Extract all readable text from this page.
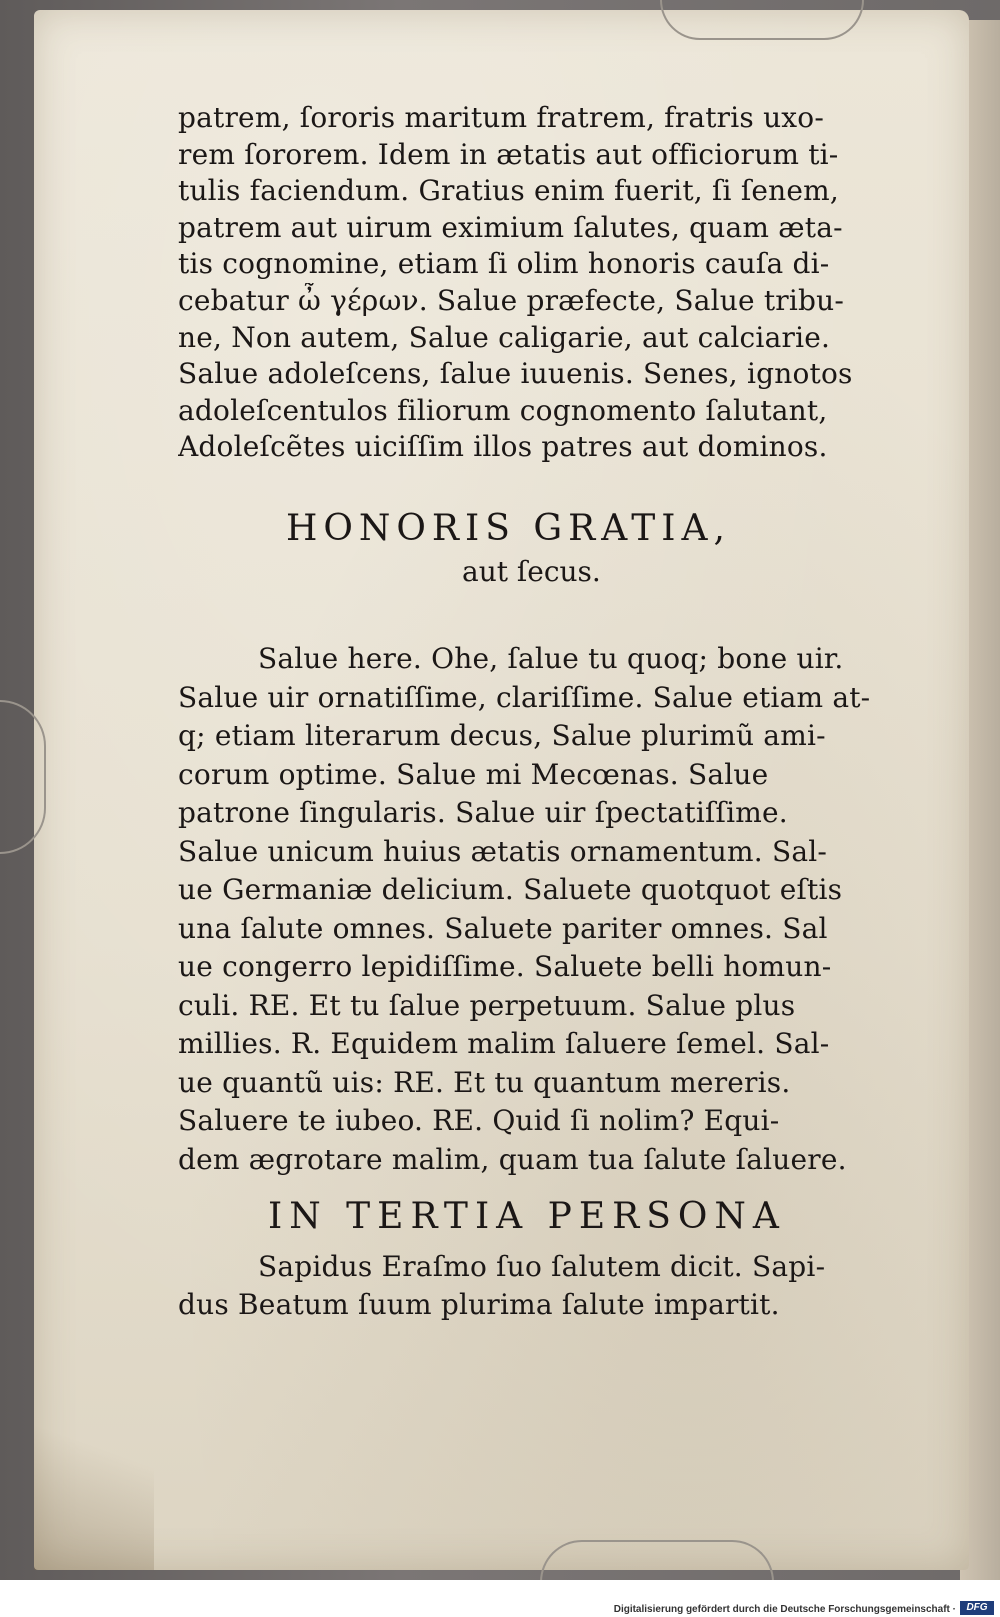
patrem, ſororis maritum fratrem, fratris uxo-
rem ſororem. Idem in ætatis aut officiorum ti-
tulis faciendum. Gratius enim fuerit, ſi ſenem,
patrem aut uirum eximium ſalutes, quam æta-
tis cognomine, etiam ſi olim honoris cauſa di-
cebatur ὦ γέρων. Salue præfecte, Salue tribu-
ne, Non autem, Salue caligarie, aut calciarie.
Salue adoleſcens, ſalue iuuenis. Senes, ignotos
adoleſcentulos filiorum cognomento ſalutant,
Adoleſcẽtes uiciſſim illos patres aut dominos.
HONORIS GRATIA,
aut ſecus.
Salue here. Ohe, ſalue tu quoq; bone uir.
Salue uir ornatiſſime, clariſſime. Salue etiam at-
q; etiam literarum decus, Salue plurimũ ami-
corum optime. Salue mi Mecœnas. Salue
patrone ſingularis. Salue uir ſpectatiſſime.
Salue unicum huius ætatis ornamentum. Sal-
ue Germaniæ delicium. Saluete quotquot eſtis
una ſalute omnes. Saluete pariter omnes. Sal
ue congerro lepidiſſime. Saluete belli homun-
culi. RE. Et tu ſalue perpetuum. Salue plus
millies. R. Equidem malim ſaluere ſemel. Sal-
ue quantũ uis: RE. Et tu quantum mereris.
Saluere te iubeo. RE. Quid ſi nolim? Equi-
dem ægrotare malim, quam tua ſalute ſaluere.
IN TERTIA PERSONA
Sapidus Eraſmo ſuo ſalutem dicit. Sapi-
dus Beatum ſuum plurima ſalute impartit.
Digitalisierung gefördert durch die Deutsche Forschungsgemeinschaft ·	DFG
